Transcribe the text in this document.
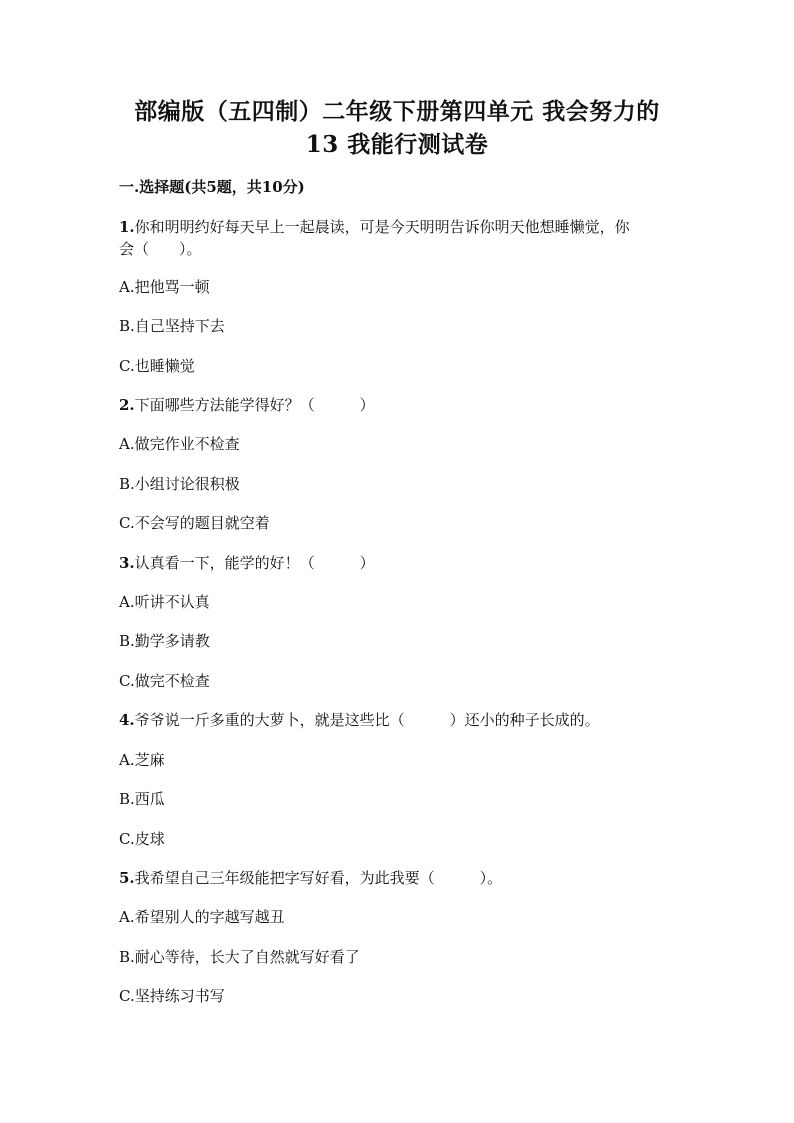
部编版（五四制）二年级下册第四单元 我会努力的
13 我能行测试卷
一.选择题(共5题，共10分)
1.你和明明约好每天早上一起晨读，可是今天明明告诉你明天他想睡懒觉，你
会（　　）。
A.把他骂一顿
B.自己坚持下去
C.也睡懒觉
2.下面哪些方法能学得好？（　　　）
A.做完作业不检查
B.小组讨论很积极
C.不会写的题目就空着
3.认真看一下，能学的好！（　　　）
A.听讲不认真
B.勤学多请教
C.做完不检查
4.爷爷说一斤多重的大萝卜，就是这些比（　　　）还小的种子长成的。
A.芝麻
B.西瓜
C.皮球
5.我希望自己三年级能把字写好看，为此我要（　　　）。
A.希望别人的字越写越丑
B.耐心等待，长大了自然就写好看了
C.坚持练习书写
